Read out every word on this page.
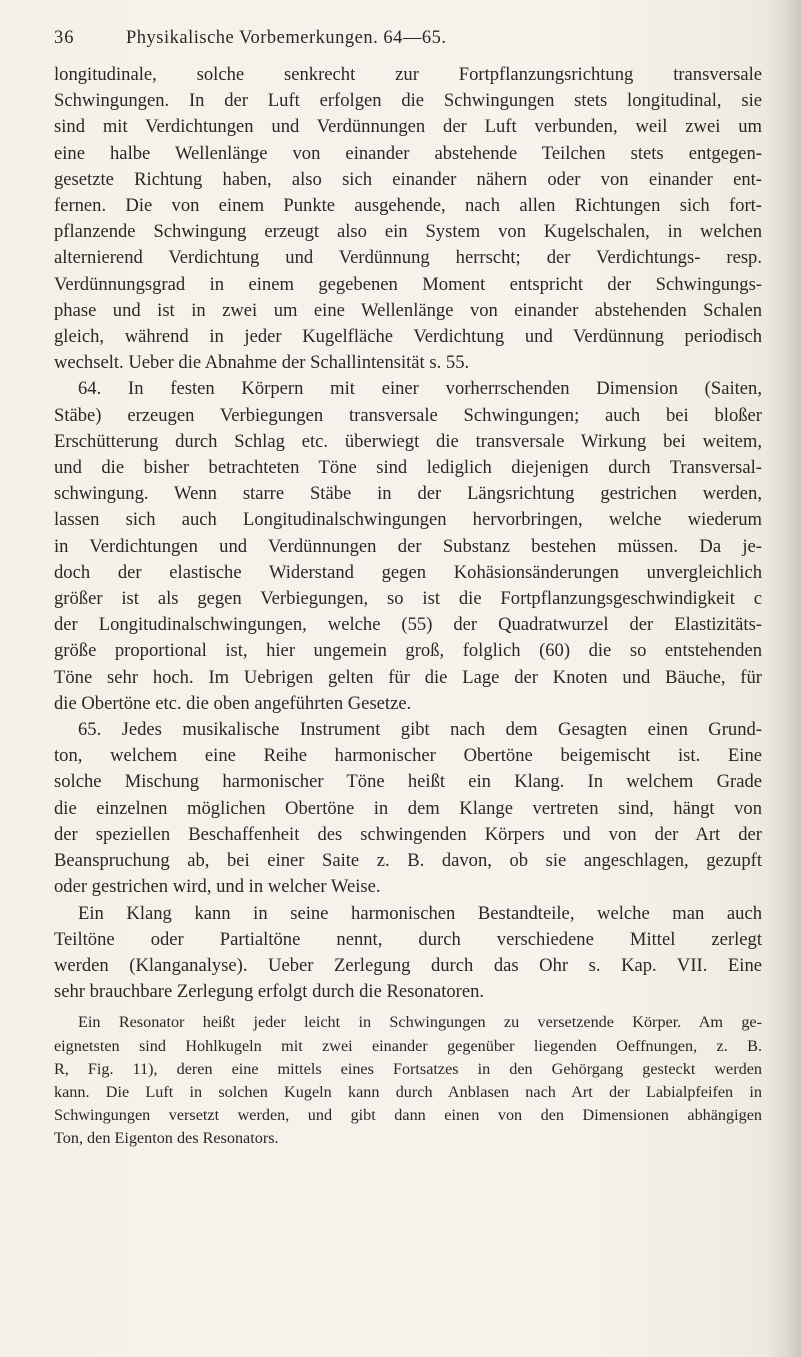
36	Physikalische Vorbemerkungen. 64—65.
longitudinale, solche senkrecht zur Fortpflanzungsrichtung transversale
Schwingungen. In der Luft erfolgen die Schwingungen stets longitudinal, sie
sind mit Verdichtungen und Verdünnungen der Luft verbunden, weil zwei um
eine halbe Wellenlänge von einander abstehende Teilchen stets entgegen-
gesetzte Richtung haben, also sich einander nähern oder von einander ent-
fernen. Die von einem Punkte ausgehende, nach allen Richtungen sich fort-
pflanzende Schwingung erzeugt also ein System von Kugelschalen, in welchen
alternierend Verdichtung und Verdünnung herrscht; der Verdichtungs- resp.
Verdünnungsgrad in einem gegebenen Moment entspricht der Schwingungs-
phase und ist in zwei um eine Wellenlänge von einander abstehenden Schalen
gleich, während in jeder Kugelfläche Verdichtung und Verdünnung periodisch
wechselt. Ueber die Abnahme der Schallintensität s. 55.
64. In festen Körpern mit einer vorherrschenden Dimension (Saiten,
Stäbe) erzeugen Verbiegungen transversale Schwingungen; auch bei bloßer
Erschütterung durch Schlag etc. überwiegt die transversale Wirkung bei weitem,
und die bisher betrachteten Töne sind lediglich diejenigen durch Transversal-
schwingung. Wenn starre Stäbe in der Längsrichtung gestrichen werden,
lassen sich auch Longitudinalschwingungen hervorbringen, welche wiederum
in Verdichtungen und Verdünnungen der Substanz bestehen müssen. Da je-
doch der elastische Widerstand gegen Kohäsionsänderungen unvergleichlich
größer ist als gegen Verbiegungen, so ist die Fortpflanzungsgeschwindigkeit c
der Longitudinalschwingungen, welche (55) der Quadratwurzel der Elastizitäts-
größe proportional ist, hier ungemein groß, folglich (60) die so entstehenden
Töne sehr hoch. Im Uebrigen gelten für die Lage der Knoten und Bäuche, für
die Obertöne etc. die oben angeführten Gesetze.
65. Jedes musikalische Instrument gibt nach dem Gesagten einen Grund-
ton, welchem eine Reihe harmonischer Obertöne beigemischt ist. Eine
solche Mischung harmonischer Töne heißt ein Klang. In welchem Grade
die einzelnen möglichen Obertöne in dem Klange vertreten sind, hängt von
der speziellen Beschaffenheit des schwingenden Körpers und von der Art der
Beanspruchung ab, bei einer Saite z. B. davon, ob sie angeschlagen, gezupft
oder gestrichen wird, und in welcher Weise.
Ein Klang kann in seine harmonischen Bestandteile, welche man auch
Teiltöne oder Partialtöne nennt, durch verschiedene Mittel zerlegt
werden (Klanganalyse). Ueber Zerlegung durch das Ohr s. Kap. VII. Eine
sehr brauchbare Zerlegung erfolgt durch die Resonatoren.
Ein Resonator heißt jeder leicht in Schwingungen zu versetzende Körper. Am ge-
eignetsten sind Hohlkugeln mit zwei einander gegenüber liegenden Oeffnungen, z. B.
R, Fig. 11), deren eine mittels eines Fortsatzes in den Gehörgang gesteckt werden
kann. Die Luft in solchen Kugeln kann durch Anblasen nach Art der Labialpfeifen in
Schwingungen versetzt werden, und gibt dann einen von den Dimensionen abhängigen
Ton, den Eigenton des Resonators.
